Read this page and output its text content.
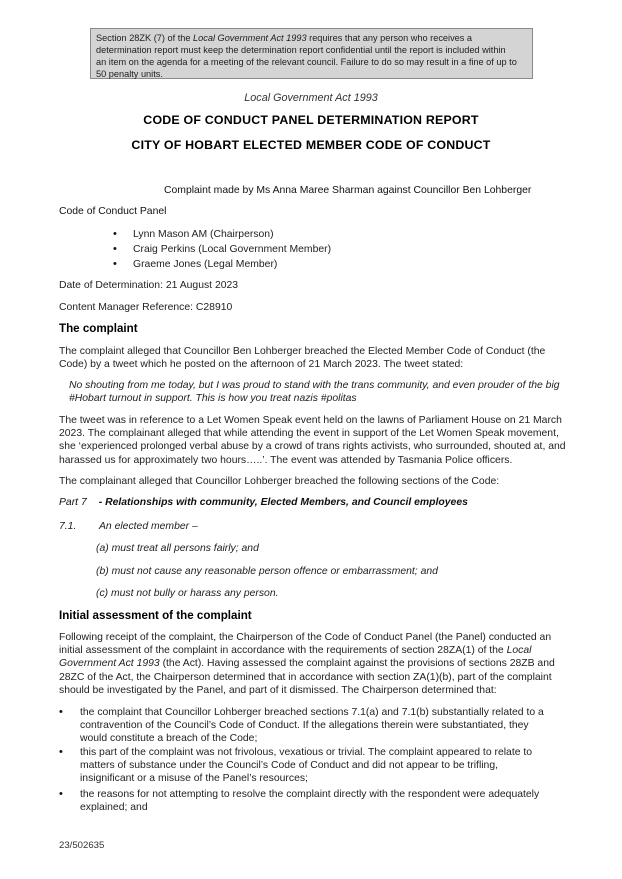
Section 28ZK (7) of the Local Government Act 1993 requires that any person who receives a
determination report must keep the determination report confidential until the report is included within
an item on the agenda for a meeting of the relevant council. Failure to do so may result in a fine of up to
50 penalty units.
Local Government Act 1993
CODE OF CONDUCT PANEL DETERMINATION REPORT
CITY OF HOBART ELECTED MEMBER CODE OF CONDUCT
Complaint made by Ms Anna Maree Sharman against Councillor Ben Lohberger
Code of Conduct Panel
• Lynn Mason AM (Chairperson)
• Craig Perkins (Local Government Member)
• Graeme Jones (Legal Member)
Date of Determination: 21 August 2023
Content Manager Reference: C28910
The complaint
The complaint alleged that Councillor Ben Lohberger breached the Elected Member Code of Conduct (the
Code) by a tweet which he posted on the afternoon of 21 March 2023. The tweet stated:
No shouting from me today, but I was proud to stand with the trans community, and even prouder of the big
#Hobart turnout in support. This is how you treat nazis #politas
The tweet was in reference to a Let Women Speak event held on the lawns of Parliament House on 21 March
2023. The complainant alleged that while attending the event in support of the Let Women Speak movement,
she ‘experienced prolonged verbal abuse by a crowd of trans rights activists, who surrounded, shouted at, and
harassed us for approximately two hours…..’. The event was attended by Tasmania Police officers.
The complainant alleged that Councillor Lohberger breached the following sections of the Code:
Part 7 - Relationships with community, Elected Members, and Council employees
7.1. An elected member –
(a) must treat all persons fairly; and
(b) must not cause any reasonable person offence or embarrassment; and
(c) must not bully or harass any person.
Initial assessment of the complaint
Following receipt of the complaint, the Chairperson of the Code of Conduct Panel (the Panel) conducted an
initial assessment of the complaint in accordance with the requirements of section 28ZA(1) of the Local
Government Act 1993 (the Act). Having assessed the complaint against the provisions of sections 28ZB and
28ZC of the Act, the Chairperson determined that in accordance with section ZA(1)(b), part of the complaint
should be investigated by the Panel, and part of it dismissed. The Chairperson determined that:
• the complaint that Councillor Lohberger breached sections 7.1(a) and 7.1(b) substantially related to a
contravention of the Council’s Code of Conduct. If the allegations therein were substantiated, they
would constitute a breach of the Code;
• this part of the complaint was not frivolous, vexatious or trivial. The complaint appeared to relate to
matters of substance under the Council’s Code of Conduct and did not appear to be trifling,
insignificant or a misuse of the Panel’s resources;
• the reasons for not attempting to resolve the complaint directly with the respondent were adequately
explained; and
23/502635
